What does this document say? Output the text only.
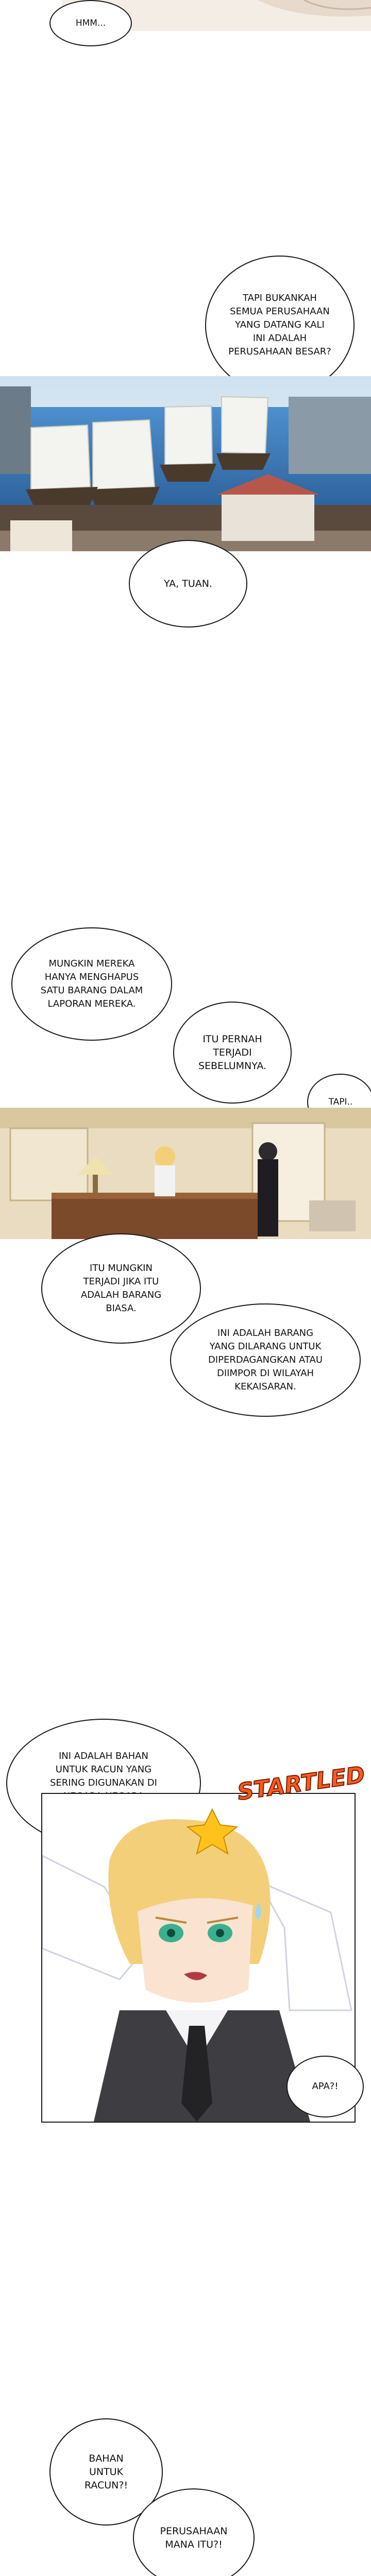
HMM...
TAPI BUKANKAH
SEMUA PERUSAHAAN
YANG DATANG KALI
INI ADALAH
PERUSAHAAN BESAR?
YA, TUAN.
MUNGKIN MEREKA
HANYA MENGHAPUS
SATU BARANG DALAM
LAPORAN MEREKA.
ITU PERNAH
TERJADI
SEBELUMNYA.
TAPI..
ITU MUNGKIN
TERJADI JIKA ITU
ADALAH BARANG
BIASA.
INI ADALAH BARANG
YANG DILARANG UNTUK
DIPERDAGANGKAN ATAU
DIIMPOR DI WILAYAH
KEKAISARAN.
INI ADALAH BAHAN
UNTUK RACUN YANG
SERING DIGUNAKAN DI	STARTLED
APA?!
BAHAN
UNTUK
RACUN?!
PERUSAHAAN
MANA ITU?!
